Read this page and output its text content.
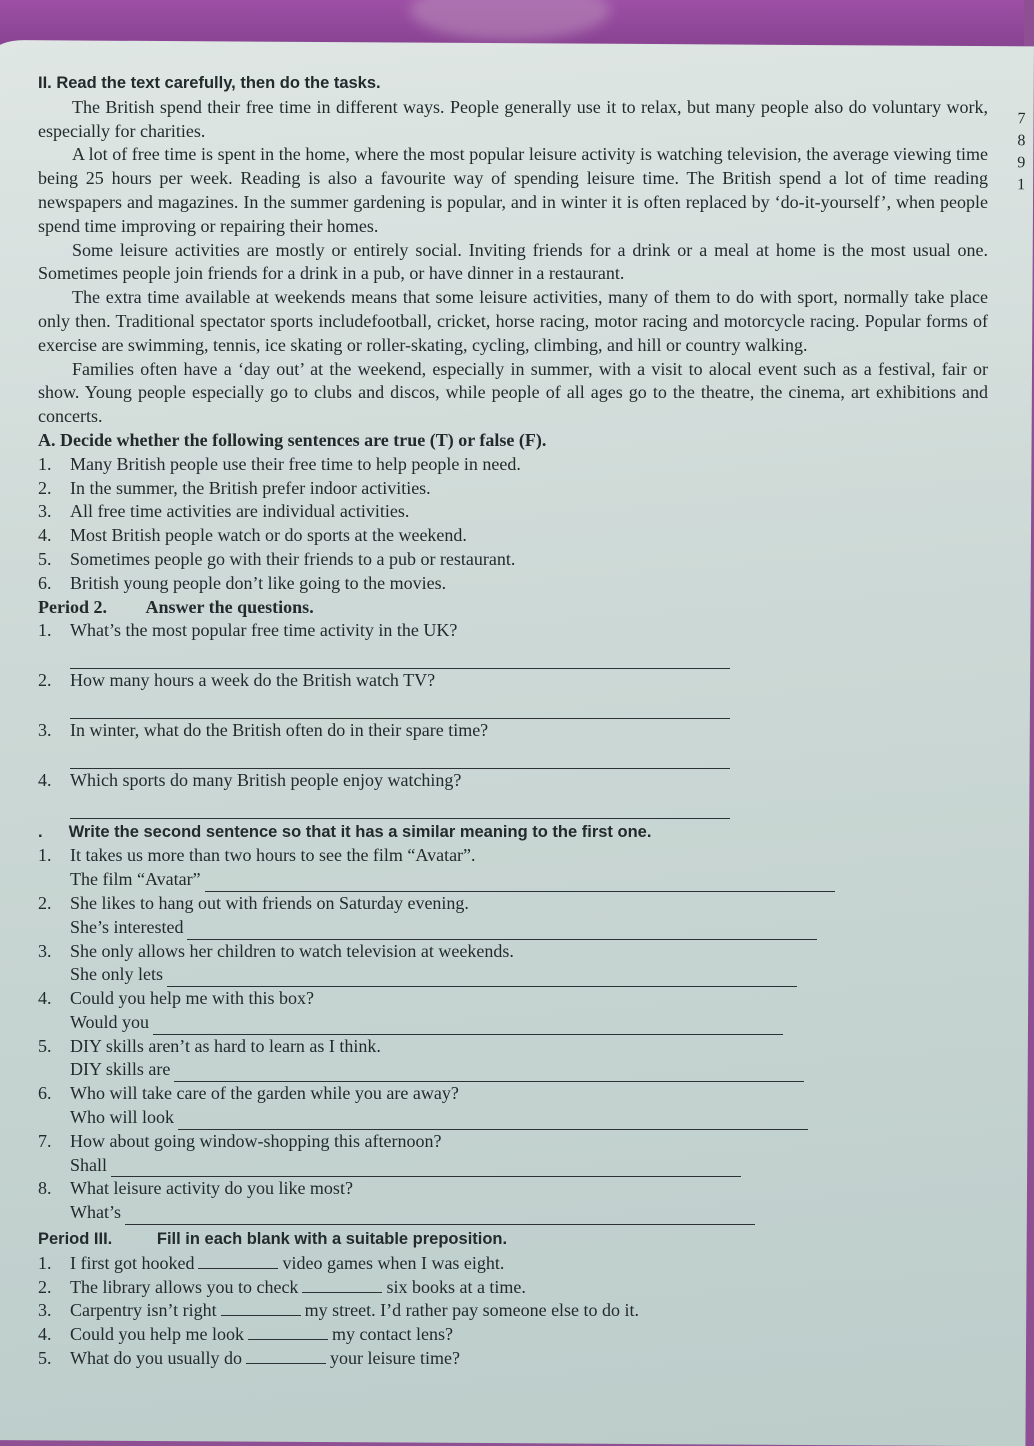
7
8
9
1

II. Read the text carefully, then do the tasks.

The British spend their free time in different ways. People generally use it to relax, but many people also do voluntary work, especially for charities.

A lot of free time is spent in the home, where the most popular leisure activity is watching television, the average viewing time being 25 hours per week. Reading is also a favourite way of spending leisure time. The British spend a lot of time reading newspapers and magazines. In the summer gardening is popular, and in winter it is often replaced by ‘do-it-yourself’, when people spend time improving or repairing their homes.

Some leisure activities are mostly or entirely social. Inviting friends for a drink or a meal at home is the most usual one. Sometimes people join friends for a drink in a pub, or have dinner in a restaurant.

The extra time available at weekends means that some leisure activities, many of them to do with sport, normally take place only then. Traditional spectator sports includefootball, cricket, horse racing, motor racing and motorcycle racing. Popular forms of exercise are swimming, tennis, ice skating or roller-skating, cycling, climbing, and hill or country walking.

Families often have a ‘day out’ at the weekend, especially in summer, with a visit to alocal event such as a festival, fair or show. Young people especially go to clubs and discos, while people of all ages go to the theatre, the cinema, art exhibitions and concerts.

A. Decide whether the following sentences are true (T) or false (F).

1.	Many British people use their free time to help people in need.
2.	In the summer, the British prefer indoor activities.
3.	All free time activities are individual activities.
4.	Most British people watch or do sports at the weekend.
5.	Sometimes people go with their friends to a pub or restaurant.
6.	British young people don’t like going to the movies.

Period 2. Answer the questions.

1.	What’s the most popular free time activity in the UK?
2.	How many hours a week do the British watch TV?
3.	In winter, what do the British often do in their spare time?
4.	Which sports do many British people enjoy watching?

. Write the second sentence so that it has a similar meaning to the first one.

1.	It takes us more than two hours to see the film “Avatar”.
The film “Avatar”
2.	She likes to hang out with friends on Saturday evening.
She’s interested
3.	She only allows her children to watch television at weekends.
She only lets
4.	Could you help me with this box?
Would you
5.	DIY skills aren’t as hard to learn as I think.
DIY skills are
6.	Who will take care of the garden while you are away?
Who will look
7.	How about going window-shopping this afternoon?
Shall
8.	What leisure activity do you like most?
What’s

Period III.	Fill in each blank with a suitable preposition.

1.	I first got hooked	video games when I was eight.
2.	The library allows you to check	six books at a time.
3.	Carpentry isn’t right	my street. I’d rather pay someone else to do it.
4.	Could you help me look	my contact lens?
5.	What do you usually do	your leisure time?
